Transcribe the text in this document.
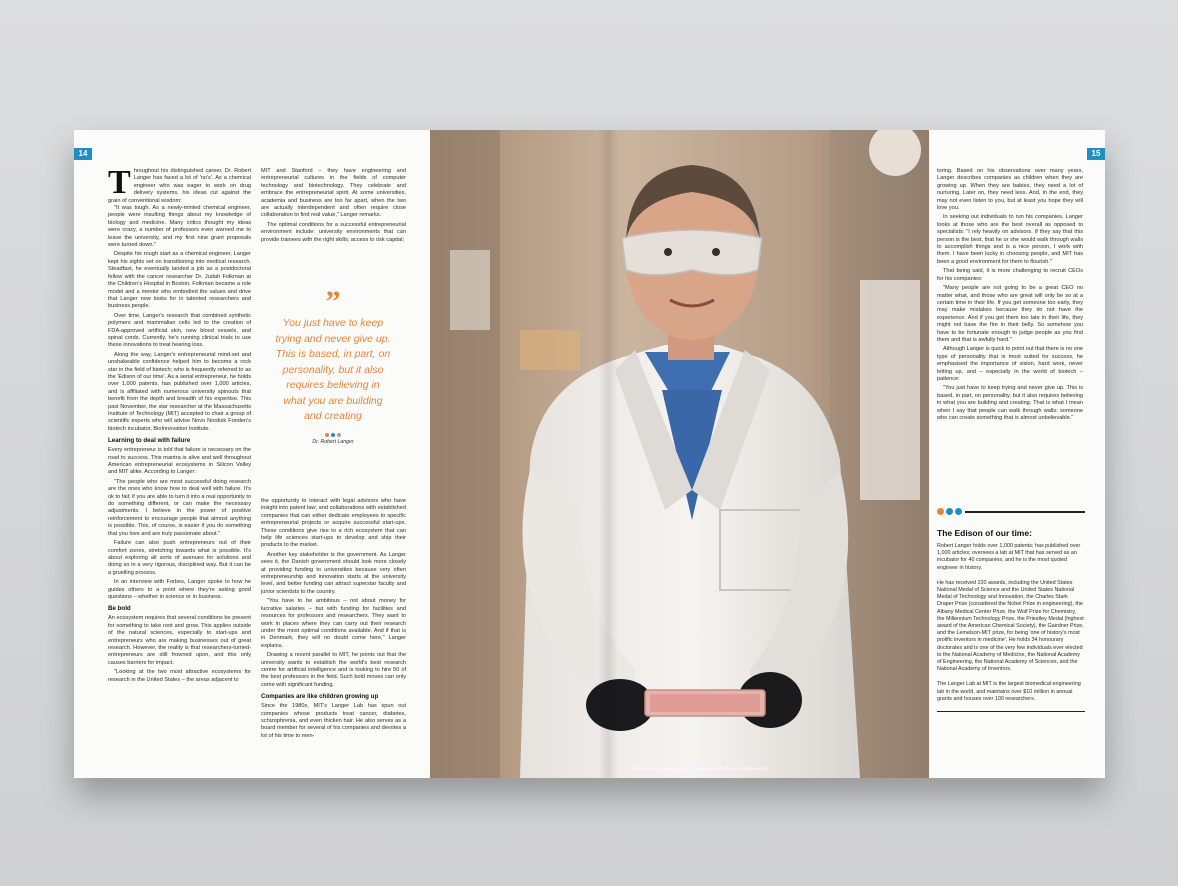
14
Throughout his distinguished career, Dr. Robert Langer has faced a lot of 'no's'. As a chemical engineer who was eager to work on drug delivery systems, his ideas cut against the grain of conventional wisdom:

"It was tough. As a newly-minted chemical engineer, people were insulting things about my knowledge of biology and medicine. Many critics thought my ideas were crazy, a number of professors even warned me to leave the university, and my first nine grant proposals were turned down."

Despite his rough start as a chemical engineer, Langer kept his sights set on transitioning into medical research. Steadfast, he eventually landed a job as a postdoctoral fellow with the cancer researcher Dr. Judah Folkman at the Children's Hospital in Boston. Folkman became a role model and a mentor who embodied the values and drive that Langer now looks for in talented researchers and business people.

Over time, Langer's research that combined synthetic polymers and mammalian cells led to the creation of FDA-approved artificial skin, new blood vessels, and spinal cords. Currently, he's running clinical trials to use these innovations to treat hearing loss.

Along the way, Langer's entrepreneurial mind-set and unshakeable confidence helped him to become a rock star in the field of biotech; who is frequently referred to as the 'Edison of our time'. As a serial entrepreneur, he holds over 1,000 patents, has published over 1,000 articles, and is affiliated with numerous university spinouts that benefit from the depth and breadth of his expertise. This past November, the star researcher at the Massachusetts Institute of Technology (MIT) accepted to chair a group of scientific experts who will advise Novo Nordisk Fonden's biotech incubator, BioInnovation Institute.

Learning to deal with failure

Every entrepreneur is told that failure is necessary on the road to success. This mantra is alive and well throughout American entrepreneurial ecosystems in Silicon Valley and MIT alike. According to Langer:

"The people who are most successful doing research are the ones who know how to deal well with failure. It's ok to fail; if you are able to turn it into a real opportunity to do something different, or can make the necessary adjustments. I believe in the power of positive reinforcement to encourage people that almost anything is possible. This, of course, is easier if you do something that you love and are truly passionate about."

Failure can also push entrepreneurs out of their comfort zones, stretching towards what is possible. It's about exploring all sorts of avenues for solutions and doing so in a very rigorous, disciplined way. But it can be a gruelling process.

In an interview with Forbes, Langer spoke to how he guides others to a point where they're asking good questions – whether in science or in business.

Be bold

An ecosystem requires that several conditions be present for something to take root and grow. This applies outside of the natural sciences, especially to start-ups and entrepreneurs who are making businesses out of great research. However, the reality is that researchers-turned-entrepreneurs are still frowned upon, and this only causes barriers for impact.

"Looking at the two most attractive ecosystems for research in the United States – the areas adjacent to

MIT and Stanford – they have engineering and entrepreneurial cultures in the fields of computer technology and biotechnology. They celebrate and embrace the entrepreneurial spirit. At some universities, academia and business are too far apart, when the two are actually interdependent and often require close collaboration to find real value," Langer remarks.

The optimal conditions for a successful entrepreneurial environment include: university environments that can provide trainees with the right skills; access to risk capital;

”
You just have to keep trying and never give up. This is based, in part, on personality, but it also requires believing in what you are building and creating
Dr. Robert Langer

the opportunity to interact with legal advisors who have insight into patent law; and collaborations with established companies that can either dedicate employees to specific entrepreneurial projects or acquire successful start-ups. These conditions give rise to a rich ecosystem that can help life sciences start-ups to develop and ship their products to the market.

Another key stakeholder is the government. As Langer sees it, the Danish government should look more closely at providing funding to universities because very often entrepreneurship and innovation starts at the university level, and better funding can attract superstar faculty and junior scientists to the country.

"You have to be ambitious – not about money for lucrative salaries – but with funding for facilities and resources for professors and researchers. They want to work in places where they can carry out their research under the most optimal conditions available. And if that is in Denmark, they will no doubt come here," Langer explains.

Drawing a recent parallel to MIT, he points out that the university wants to establish the world's best research centre for artificial intelligence and is looking to hire 50 of the best professors in the field. Such bold moves can only come with significant funding.

Companies are like children growing up

Since the 1980s, MIT's Langer Lab has spun out companies whose products treat cancer, diabetes, schizophrenia, and even thicken hair. He also serves as a board member for several of his companies and devotes a lot of his time to men-

Photo credit: Langer Lab, MIT Department of Chemical Engineering
15

toring. Based on his observations over many years, Langer describes companies as children when they are growing up. When they are babies, they need a lot of nurturing. Later on, they need less. And, in the end, they may not even listen to you, but at least you hope they will love you.

In seeking out individuals to run his companies, Langer looks at those who are the best overall as opposed to specialists: "I rely heavily on advisors. If they say that this person is the best, that he or she would walk through walls to accomplish things and is a nice person, I work with them. I have been lucky in choosing people, and MIT has been a good environment for them to flourish."

That being said, it is more challenging to recruit CEOs for his companies:

"Many people are not going to be a great CEO no matter what, and those who are great will only be so at a certain time in their life. If you get someone too early, they may make mistakes because they do not have the experience. And if you get them too late in their life, they might not have the fire in their belly. So somehow you have to be fortunate enough to judge people as you find them and that is awfully hard."

Although Langer is quick to point out that there is no one type of personality that is most suited for success, he emphasised the importance of vision, hard work, never letting up, and – especially in the world of biotech – patience:

"You just have to keep trying and never give up. This is based, in part, on personality, but it also requires believing in what you are building and creating. That is what I mean when I say that people can walk through walls: someone who can create something that is almost unbelievable."

The Edison of our time:

Robert Langer holds over 1,000 patents; has published over 1,000 articles; oversees a lab at MIT that has served as an incubator for 40 companies; and he is the most quoted engineer in history.

He has received 220 awards, including the United States National Medal of Science and the United States National Medal of Technology and Innovation, the Charles Stark Draper Prize (considered the Nobel Prize in engineering), the Albany Medical Center Prize, the Wolf Prize for Chemistry, the Millennium Technology Prize, the Priestley Medal (highest award of the American Chemical Society), the Gairdner Prize, and the Lemelson-MIT prize, for being 'one of history's most prolific inventors in medicine'. He holds 34 honourary doctorates and is one of the very few individuals ever elected to the National Academy of Medicine, the National Academy of Engineering, the National Academy of Sciences, and the National Academy of Inventors.

The Langer Lab at MIT is the largest biomedical engineering lab in the world, and maintains over $10 million in annual grants and houses over 100 researchers.
